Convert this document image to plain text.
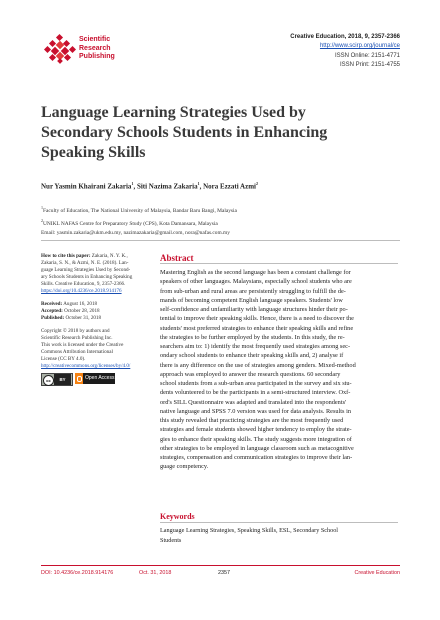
Scientific
Research
Publishing
Creative Education, 2018, 9, 2357-2366
http://www.scirp.org/journal/ce
ISSN Online: 2151-4771
ISSN Print: 2151-4755
Language Learning Strategies Used by
Secondary Schools Students in Enhancing
Speaking Skills
Nur Yasmin Khairani Zakaria$^1$, Siti Nazima Zakaria$^1$, Nora Ezzati Azmi$^2$
$^1$Faculty of Education, The National University of Malaysia, Bandar Baru Bangi, Malaysia
$^2$UNIKL NAFAS Centre for Preparatory Study (CPS), Kota Damansara, Malaysia
Email: yasmin.zakaria@ukm.edu.my, nazimazakaria@gmail.com, nora@nafas.com.my
How to cite this paper: Zakaria, N. Y. K.,
Zakaria, S. N., & Azmi, N. E. (2018). Lan-
guage Learning Strategies Used by Second-
ary Schools Students in Enhancing Speaking
Skills. Creative Education, 9, 2357-2366.
https://doi.org/10.4236/ce.2018.914176
Received: August 16, 2018
Accepted: October 28, 2018
Published: October 31, 2018
Copyright © 2018 by authors and
Scientific Research Publishing Inc.
This work is licensed under the Creative
Commons Attribution International
License (CC BY 4.0).
http://creativecommons.org/licenses/by/4.0/
cc	BY	Open Access
Abstract
Mastering English as the second language has been a constant challenge for
speakers of other languages. Malaysians, especially school students who are
from sub-urban and rural areas are persistently struggling to fulfill the de-
mands of becoming competent English language speakers. Students' low
self-confidence and unfamiliarity with language structures hinder their po-
tential to improve their speaking skills. Hence, there is a need to discover the
students' most preferred strategies to enhance their speaking skills and refine
the strategies to be further employed by the students. In this study, the re-
searchers aim to: 1) identify the most frequently used strategies among sec-
ondary school students to enhance their speaking skills and, 2) analyse if
there is any difference on the use of strategies among genders. Mixed-method
approach was employed to answer the research questions. 60 secondary
school students from a sub-urban area participated in the survey and six stu-
dents volunteered to be the participants in a semi-structured interview. Oxf-
ord's SILL Questionnaire was adapted and translated into the respondents'
native language and SPSS 7.0 version was used for data analysis. Results in
this study revealed that practicing strategies are the most frequently used
strategies and female students showed higher tendency to employ the strate-
gies to enhance their speaking skills. The study suggests more integration of
other strategies to be employed in language classroom such as metacognitive
strategies, compensation and communication strategies to improve their lan-
guage competency.
Keywords
Language Learning Strategies, Speaking Skills, ESL, Secondary School
Students
DOI: 10.4236/ce.2018.914176	Oct. 31, 2018	2357	Creative Education
